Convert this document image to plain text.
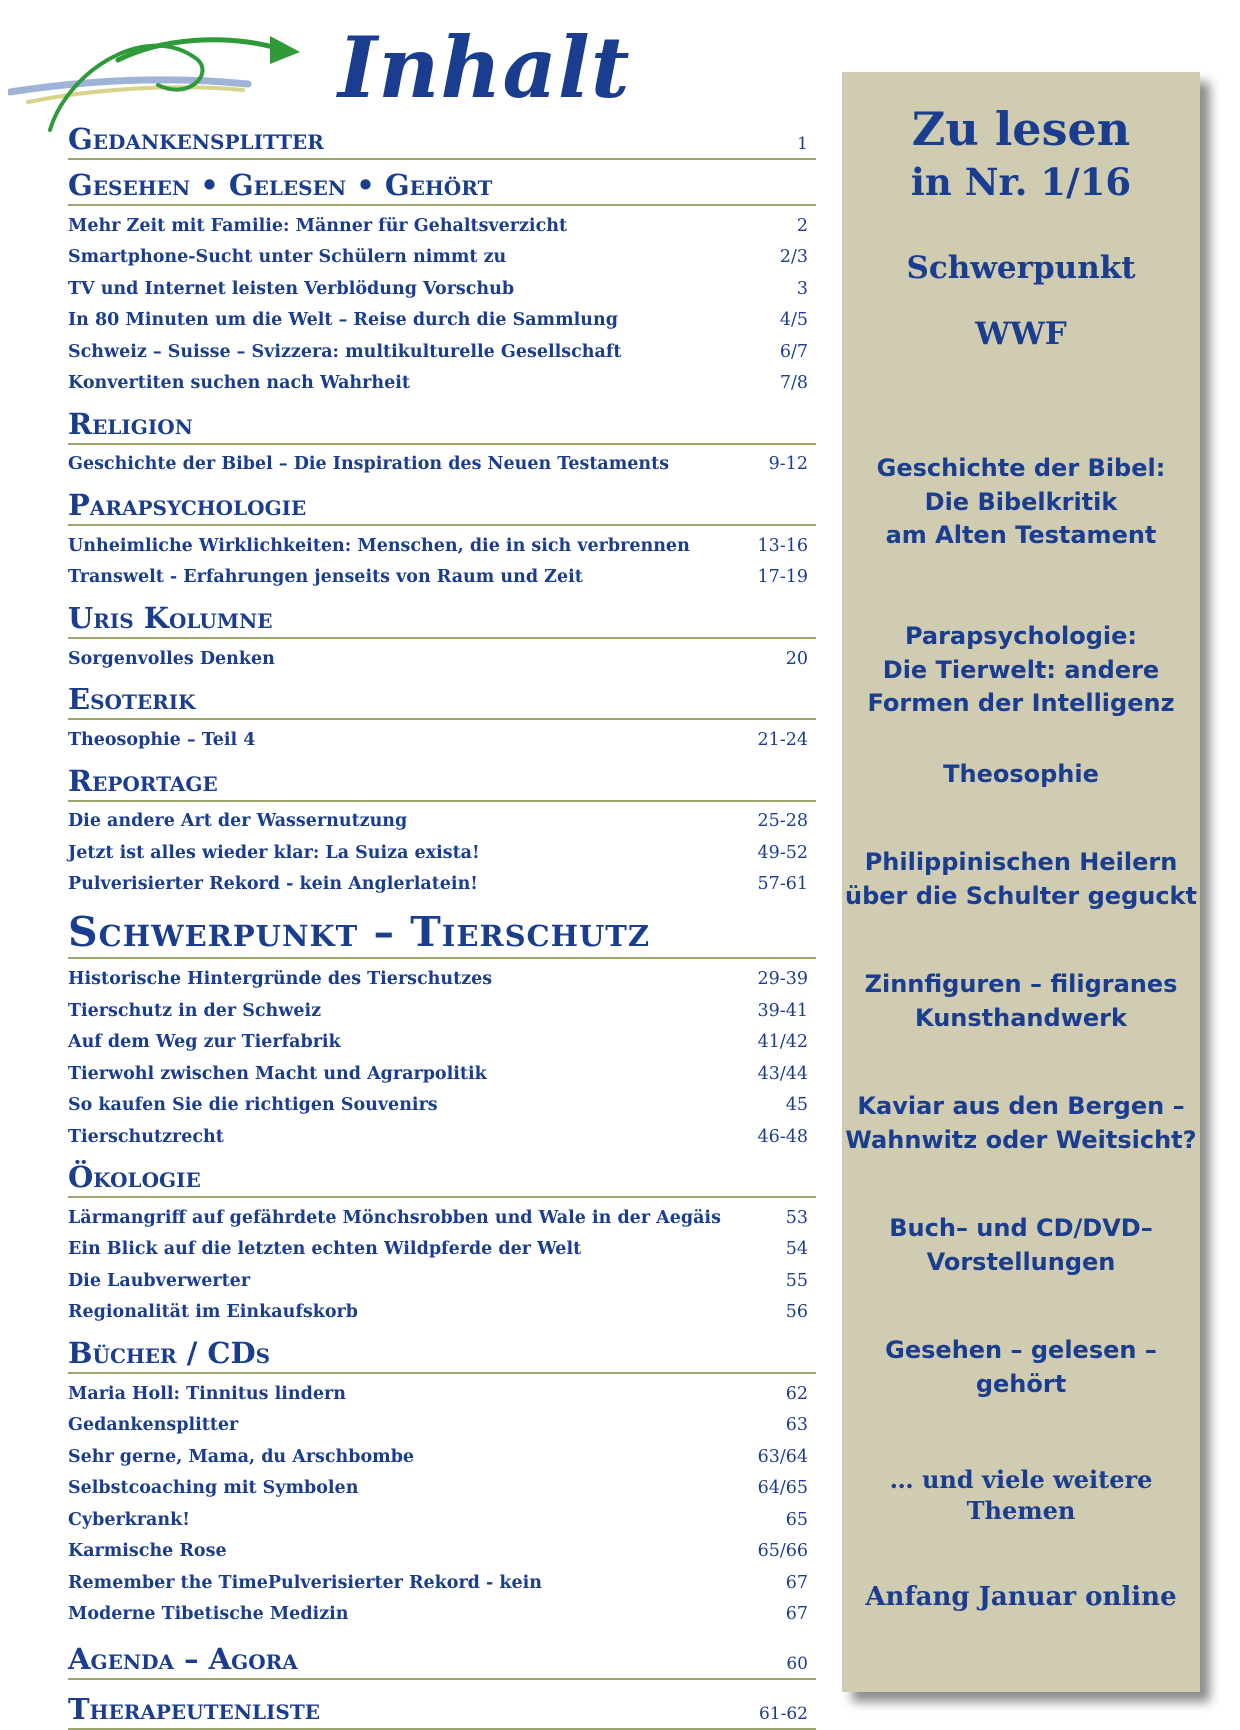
Inhalt
Gedankensplitter	1
Gesehen • Gelesen • Gehört
Mehr Zeit mit Familie: Männer für Gehaltsverzicht	2
Smartphone-Sucht unter Schülern nimmt zu	2/3
TV und Internet leisten Verblödung Vorschub	3
In 80 Minuten um die Welt – Reise durch die Sammlung	4/5
Schweiz – Suisse – Svizzera: multikulturelle Gesellschaft	6/7
Konvertiten suchen nach Wahrheit	7/8
Religion
Geschichte der Bibel – Die Inspiration des Neuen Testaments	9-12
Parapsychologie
Unheimliche Wirklichkeiten: Menschen, die in sich verbrennen	13-16
Transwelt - Erfahrungen jenseits von Raum und Zeit	17-19
Uris Kolumne
Sorgenvolles Denken	20
Esoterik
Theosophie – Teil 4	21-24
Reportage
Die andere Art der Wassernutzung	25-28
Jetzt ist alles wieder klar: La Suiza exista!	49-52
Pulverisierter Rekord - kein Anglerlatein!	57-61
Schwerpunkt – Tierschutz
Historische Hintergründe des Tierschutzes	29-39
Tierschutz in der Schweiz	39-41
Auf dem Weg zur Tierfabrik	41/42
Tierwohl zwischen Macht und Agrarpolitik	43/44
So kaufen Sie die richtigen Souvenirs	45
Tierschutzrecht	46-48
Ökologie
Lärmangriff auf gefährdete Mönchsrobben und Wale in der Aegäis	53
Ein Blick auf die letzten echten Wildpferde der Welt	54
Die Laubverwerter	55
Regionalität im Einkaufskorb	56
Bücher / CDs
Maria Holl: Tinnitus lindern	62
Gedankensplitter	63
Sehr gerne, Mama, du Arschbombe	63/64
Selbstcoaching mit Symbolen	64/65
Cyberkrank!	65
Karmische Rose	65/66
Remember the TimePulverisierter Rekord - kein	67
Moderne Tibetische Medizin	67
Agenda – Agora	60
Therapeutenliste	61-62
Zu lesen
in Nr. 1/16
Schwerpunkt
WWF
Geschichte der Bibel:
Die Bibelkritik
am Alten Testament
Parapsychologie:
Die Tierwelt: andere
Formen der Intelligenz
Theosophie
Philippinischen Heilern
über die Schulter geguckt
Zinnfiguren – filigranes
Kunsthandwerk
Kaviar aus den Bergen –
Wahnwitz oder Weitsicht?
Buch– und CD/DVD–
Vorstellungen
Gesehen – gelesen – gehört
… und viele weitere
Themen
Anfang Januar online
